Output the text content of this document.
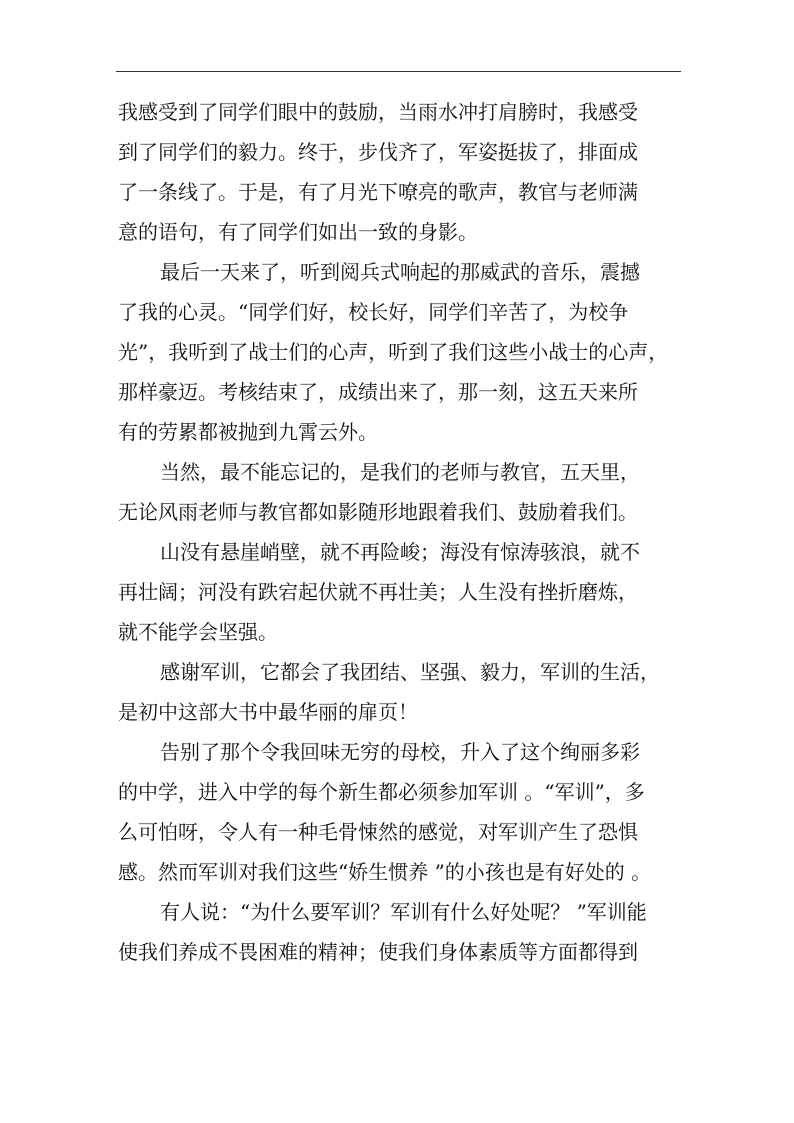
我感受到了同学们眼中的鼓励，当雨水冲打肩膀时，我感受
到了同学们的毅力。终于，步伐齐了，军姿挺拔了，排面成
了一条线了。于是，有了月光下嘹亮的歌声，教官与老师满
意的语句，有了同学们如出一致的身影。

最后一天来了，听到阅兵式响起的那威武的音乐，震撼
了我的心灵。“同学们好，校长好，同学们辛苦了，为校争
光”，我听到了战士们的心声，听到了我们这些小战士的心声，
那样豪迈。考核结束了，成绩出来了，那一刻，这五天来所
有的劳累都被抛到九霄云外。

当然，最不能忘记的，是我们的老师与教官，五天里，
无论风雨老师与教官都如影随形地跟着我们、鼓励着我们。

山没有悬崖峭壁，就不再险峻；海没有惊涛骇浪，就不
再壮阔；河没有跌宕起伏就不再壮美；人生没有挫折磨炼，
就不能学会坚强。

感谢军训，它都会了我团结、坚强、毅力，军训的生活，
是初中这部大书中最华丽的扉页！

告别了那个令我回味无穷的母校，升入了这个绚丽多彩
的中学，进入中学的每个新生都必须参加军训 。“军训”，多
么可怕呀，令人有一种毛骨悚然的感觉，对军训产生了恐惧
感。然而军训对我们这些“娇生惯养 ”的小孩也是有好处的 。

有人说：“为什么要军训？军训有什么好处呢？ ”军训能
使我们养成不畏困难的精神；使我们身体素质等方面都得到
